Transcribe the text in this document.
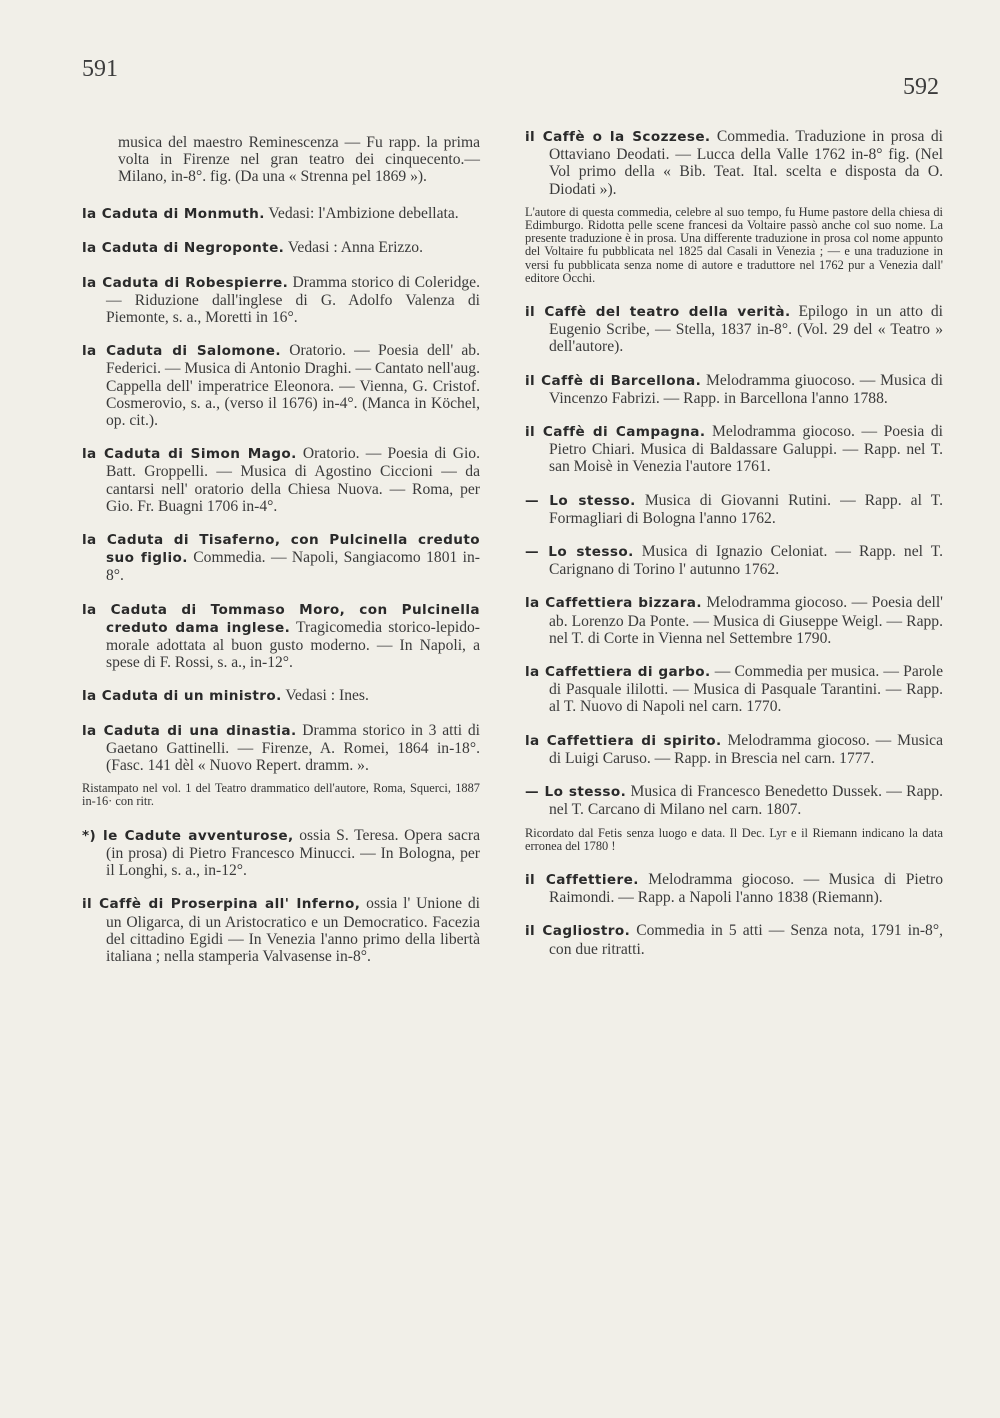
591
592

musica del maestro Reminescenza — Fu rapp. la prima volta in Firenze nel gran teatro dei cinquecento.— Milano, in-8°. fig. (Da una « Strenna pel 1869 »).

la Caduta di Monmuth. Vedasi: l'Ambizione debellata.

la Caduta di Negroponte. Vedasi : Anna Erizzo.

la Caduta di Robespierre. Dramma storico di Coleridge. — Riduzione dall'inglese di G. Adolfo Valenza di Piemonte, s. a., Moretti in 16°.

la Caduta di Salomone. Oratorio. — Poesia dell' ab. Federici. — Musica di Antonio Draghi. — Cantato nell'aug. Cappella dell' imperatrice Eleonora. — Vienna, G. Cristof. Cosmerovio, s. a., (verso il 1676) in-4°. (Manca in Köchel, op. cit.).

la Caduta di Simon Mago. Oratorio. — Poesia di Gio. Batt. Groppelli. — Musica di Agostino Ciccioni — da cantarsi nell' oratorio della Chiesa Nuova. — Roma, per Gio. Fr. Buagni 1706 in-4°.

la Caduta di Tisaferno, con Pulcinella creduto suo figlio. Commedia. — Napoli, Sangiacomo 1801 in-8°.

la Caduta di Tommaso Moro, con Pulcinella creduto dama inglese. Tragicomedia storico-lepido-morale adottata al buon gusto moderno. — In Napoli, a spese di F. Rossi, s. a., in-12°.

la Caduta di un ministro. Vedasi : Ines.

la Caduta di una dinastia. Dramma storico in 3 atti di Gaetano Gattinelli. — Firenze, A. Romei, 1864 in-18°. (Fasc. 141 dèl « Nuovo Repert. dramm. ».

Ristampato nel vol. 1 del Teatro drammatico dell'autore, Roma, Squerci, 1887 in-16· con ritr.

*) le Cadute avventurose, ossia S. Teresa. Opera sacra (in prosa) di Pietro Francesco Minucci. — In Bologna, per il Longhi, s. a., in-12°.

il Caffè di Proserpina all' Inferno, ossia l' Unione di un Oligarca, di un Aristocratico e un Democratico. Facezia del cittadino Egidi — In Venezia l'anno primo della libertà italiana ; nella stamperia Valvasense in-8°.

il Caffè o la Scozzese. Commedia. Traduzione in prosa di Ottaviano Deodati. — Lucca della Valle 1762 in-8° fig. (Nel Vol primo della « Bib. Teat. Ital. scelta e disposta da O. Diodati »).

L'autore di questa commedia, celebre al suo tempo, fu Hume pastore della chiesa di Edimburgo. Ridotta pelle scene francesi da Voltaire passò anche col suo nome. La presente traduzione è in prosa. Una differente traduzione in prosa col nome appunto del Voltaire fu pubblicata nel 1825 dal Casali in Venezia ; — e una traduzione in versi fu pubblicata senza nome di autore e traduttore nel 1762 pur a Venezia dall' editore Occhi.

il Caffè del teatro della verità. Epilogo in un atto di Eugenio Scribe, — Stella, 1837 in-8°. (Vol. 29 del « Teatro » dell'autore).

il Caffè di Barcellona. Melodramma giuocoso. — Musica di Vincenzo Fabrizi. — Rapp. in Barcellona l'anno 1788.

il Caffè di Campagna. Melodramma giocoso. — Poesia di Pietro Chiari. Musica di Baldassare Galuppi. — Rapp. nel T. san Moisè in Venezia l'autore 1761.

— Lo stesso. Musica di Giovanni Rutini. — Rapp. al T. Formagliari di Bologna l'anno 1762.

— Lo stesso. Musica di Ignazio Celoniat. — Rapp. nel T. Carignano di Torino l' autunno 1762.

la Caffettiera bizzara. Melodramma giocoso. — Poesia dell' ab. Lorenzo Da Ponte. — Musica di Giuseppe Weigl. — Rapp. nel T. di Corte in Vienna nel Settembre 1790.

la Caffettiera di garbo. — Commedia per musica. — Parole di Pasquale ililotti. — Musica di Pasquale Tarantini. — Rapp. al T. Nuovo di Napoli nel carn. 1770.

la Caffettiera di spirito. Melodramma giocoso. — Musica di Luigi Caruso. — Rapp. in Brescia nel carn. 1777.

— Lo stesso. Musica di Francesco Benedetto Dussek. — Rapp. nel T. Carcano di Milano nel carn. 1807.

Ricordato dal Fetis senza luogo e data. Il Dec. Lyr e il Riemann indicano la data erronea del 1780 !

il Caffettiere. Melodramma giocoso. — Musica di Pietro Raimondi. — Rapp. a Napoli l'anno 1838 (Riemann).

il Cagliostro. Commedia in 5 atti — Senza nota, 1791 in-8°, con due ritratti.
